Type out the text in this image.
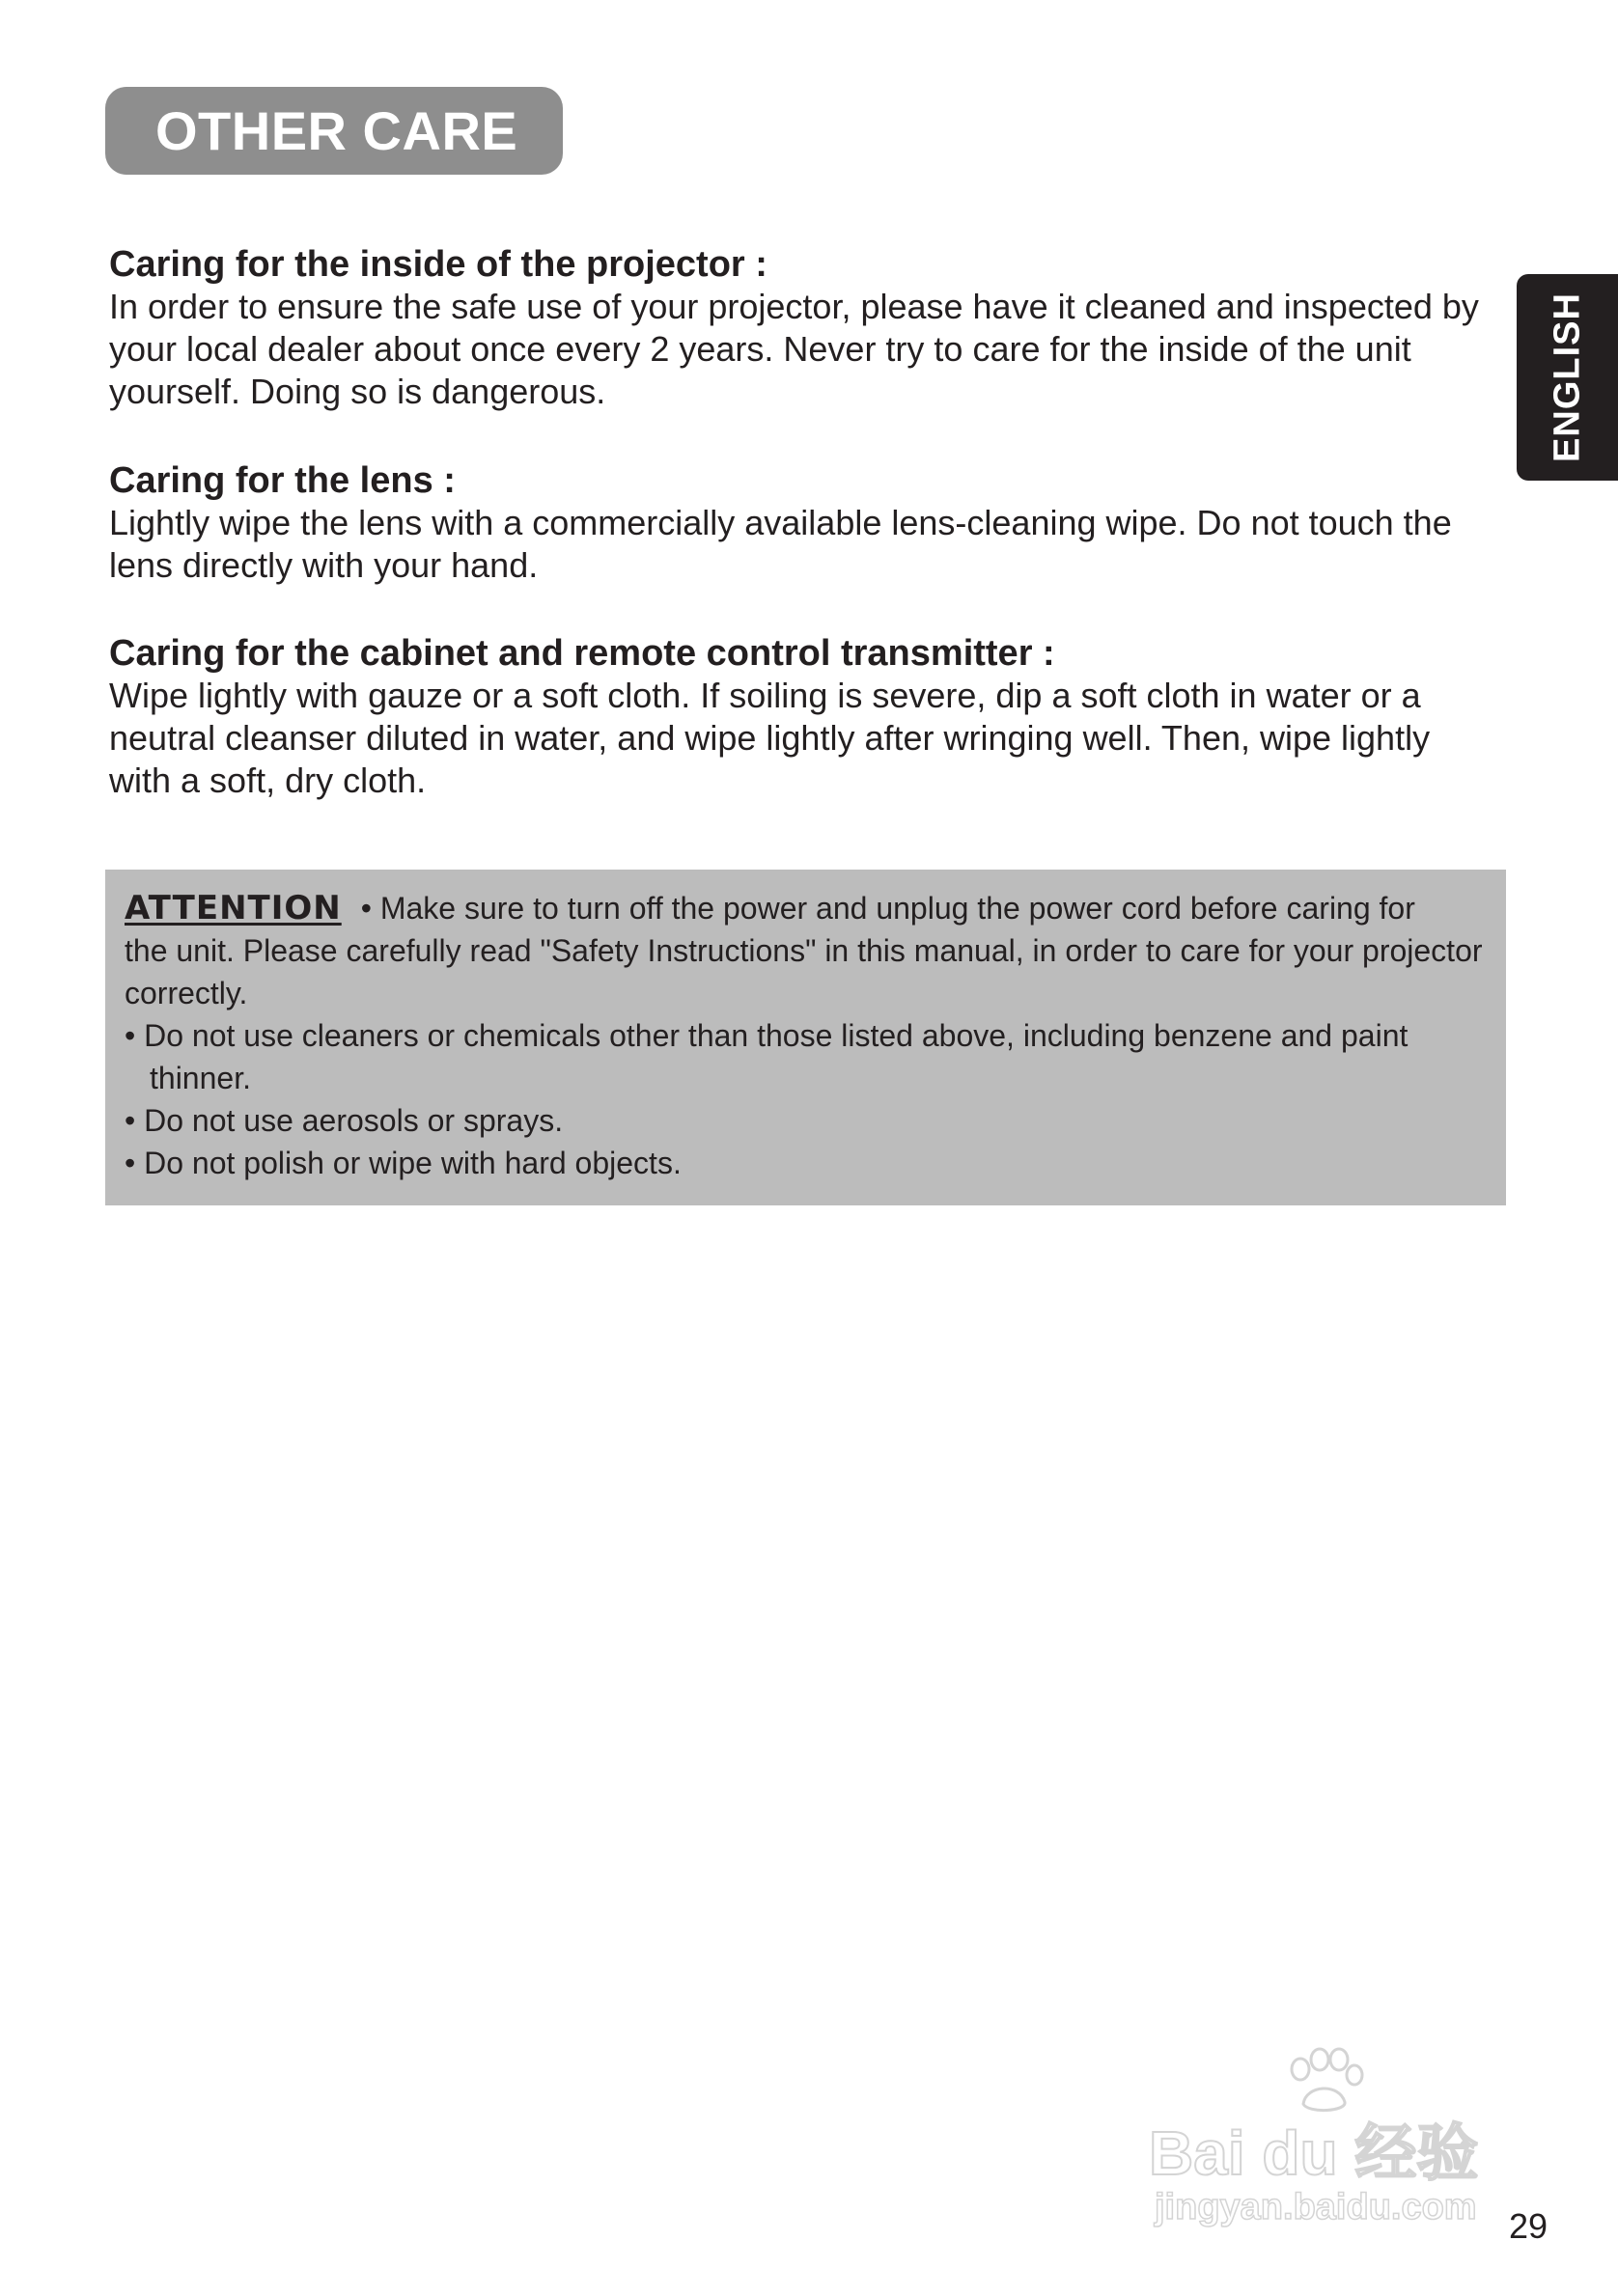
OTHER CARE
ENGLISH

Caring for the inside of the projector :

In order to ensure the safe use of your projector, please have it cleaned and inspected by

your local dealer about once every 2 years. Never try to care for the inside of the unit

yourself. Doing so is dangerous.

Caring for the lens :

Lightly wipe the lens with a commercially available lens-cleaning wipe. Do not touch the

lens directly with your hand.

Caring for the cabinet and remote control transmitter :

Wipe lightly with gauze or a soft cloth. If soiling is severe, dip a soft cloth in water or a

neutral cleanser diluted in water, and wipe lightly after wringing well. Then, wipe lightly

with a soft, dry cloth.

ATTENTION • Make sure to turn off the power and unplug the power cord before caring for

the unit. Please carefully read "Safety Instructions" in this manual, in order to care for your projector

correctly.

• Do not use cleaners or chemicals other than those listed above, including benzene and paint thinner.

• Do not use aerosols or sprays.

• Do not polish or wipe with hard objects.

Bai du 经验
jingyan.baidu.com 29
